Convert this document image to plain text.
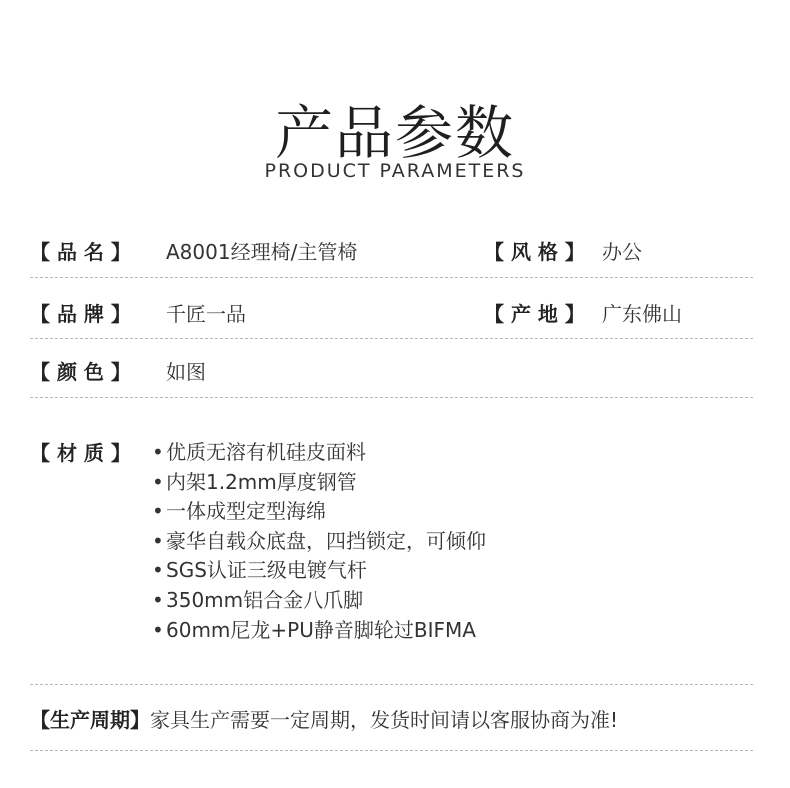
产品参数
PRODUCT PARAMETERS
【 品 名 】	A8001经理椅/主管椅	【 风 格 】 办公
【 品 牌 】	千匠一品	【 产 地 】 广东佛山
【 颜 色 】	如图
【 材 质 】 • 优质无溶有机硅皮面料
• 内架1.2mm厚度钢管
• 一体成型定型海绵
• 豪华自载众底盘，四挡锁定，可倾仰
• SGS认证三级电镀气杆
• 350mm铝合金八爪脚
• 60mm尼龙+PU静音脚轮过BIFMA
【生产周期】 家具生产需要一定周期，发货时间请以客服协商为准!
